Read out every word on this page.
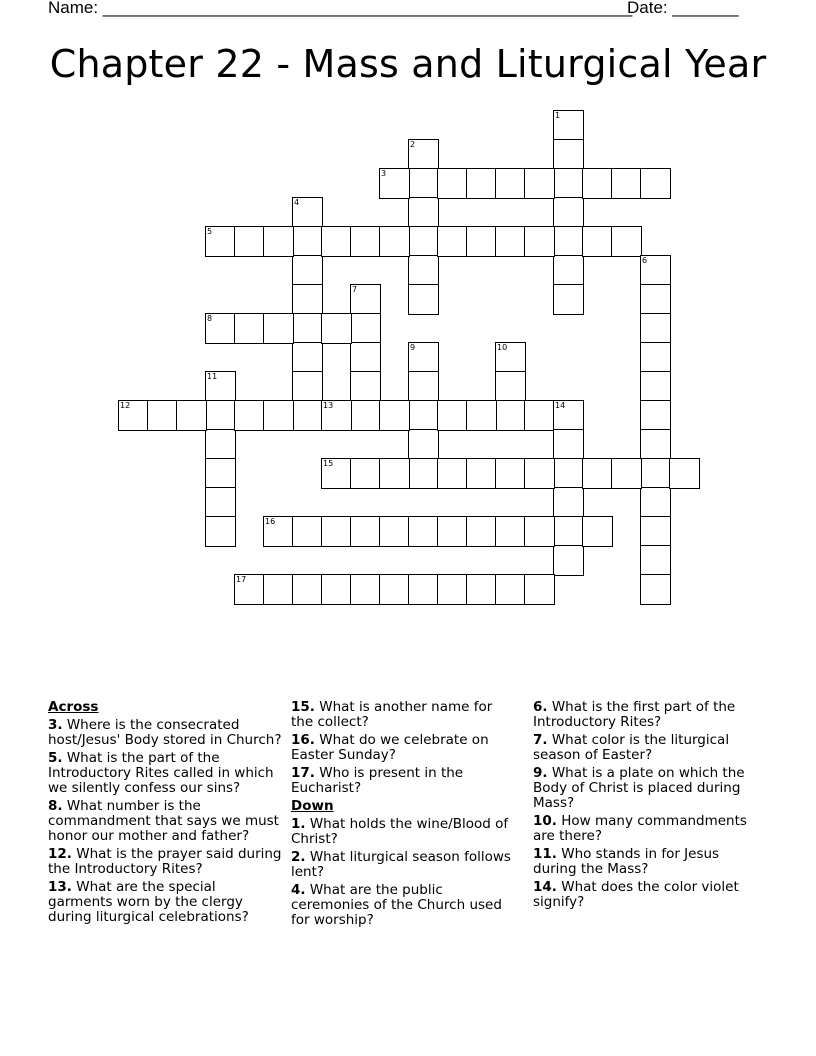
Name: ________________________________________________________
Date: _______
Chapter 22 - Mass and Liturgical Year
1
2
3
4
5
6
7
8
9	10
11
12	13	14
15
16
17
Across
3. Where is the consecrated host/Jesus' Body stored in Church?
5. What is the part of the Introductory Rites called in which we silently confess our sins?
8. What number is the commandment that says we must honor our mother and father?
12. What is the prayer said during the Introductory Rites?
13. What are the special garments worn by the clergy during liturgical celebrations?
15. What is another name for the collect?
16. What do we celebrate on Easter Sunday?
17. Who is present in the Eucharist?
Down
1. What holds the wine/Blood of Christ?
2. What liturgical season follows lent?
4. What are the public ceremonies of the Church used for worship?
6. What is the first part of the Introductory Rites?
7. What color is the liturgical season of Easter?
9. What is a plate on which the Body of Christ is placed during Mass?
10. How many commandments are there?
11. Who stands in for Jesus during the Mass?
14. What does the color violet signify?
